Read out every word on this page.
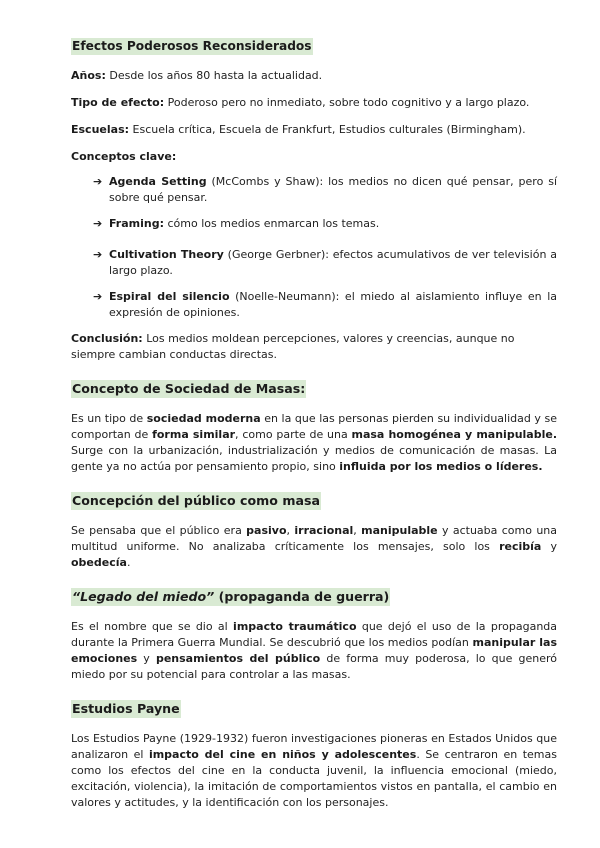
Efectos Poderosos Reconsiderados

Años: Desde los años 80 hasta la actualidad.

Tipo de efecto: Poderoso pero no inmediato, sobre todo cognitivo y a largo plazo.

Escuelas: Escuela crítica, Escuela de Frankfurt, Estudios culturales (Birmingham).

Conceptos clave:

➔ Agenda Setting (McCombs y Shaw): los medios no dicen qué pensar, pero sí sobre qué pensar.
➔ Framing: cómo los medios enmarcan los temas.
➔ Cultivation Theory (George Gerbner): efectos acumulativos de ver televisión a largo plazo.
➔ Espiral del silencio (Noelle-Neumann): el miedo al aislamiento influye en la expresión de opiniones.

Conclusión: Los medios moldean percepciones, valores y creencias, aunque no siempre cambian conductas directas.

Concepto de Sociedad de Masas:

Es un tipo de sociedad moderna en la que las personas pierden su individualidad y se comportan de forma similar, como parte de una masa homogénea y manipulable. Surge con la urbanización, industrialización y medios de comunicación de masas. La gente ya no actúa por pensamiento propio, sino influida por los medios o líderes.

Concepción del público como masa

Se pensaba que el público era pasivo, irracional, manipulable y actuaba como una multitud uniforme. No analizaba críticamente los mensajes, solo los recibía y obedecía.

“Legado del miedo” (propaganda de guerra)

Es el nombre que se dio al impacto traumático que dejó el uso de la propaganda durante la Primera Guerra Mundial. Se descubrió que los medios podían manipular las emociones y pensamientos del público de forma muy poderosa, lo que generó miedo por su potencial para controlar a las masas.

Estudios Payne

Los Estudios Payne (1929-1932) fueron investigaciones pioneras en Estados Unidos que analizaron el impacto del cine en niños y adolescentes. Se centraron en temas como los efectos del cine en la conducta juvenil, la influencia emocional (miedo, excitación, violencia), la imitación de comportamientos vistos en pantalla, el cambio en valores y actitudes, y la identificación con los personajes.
